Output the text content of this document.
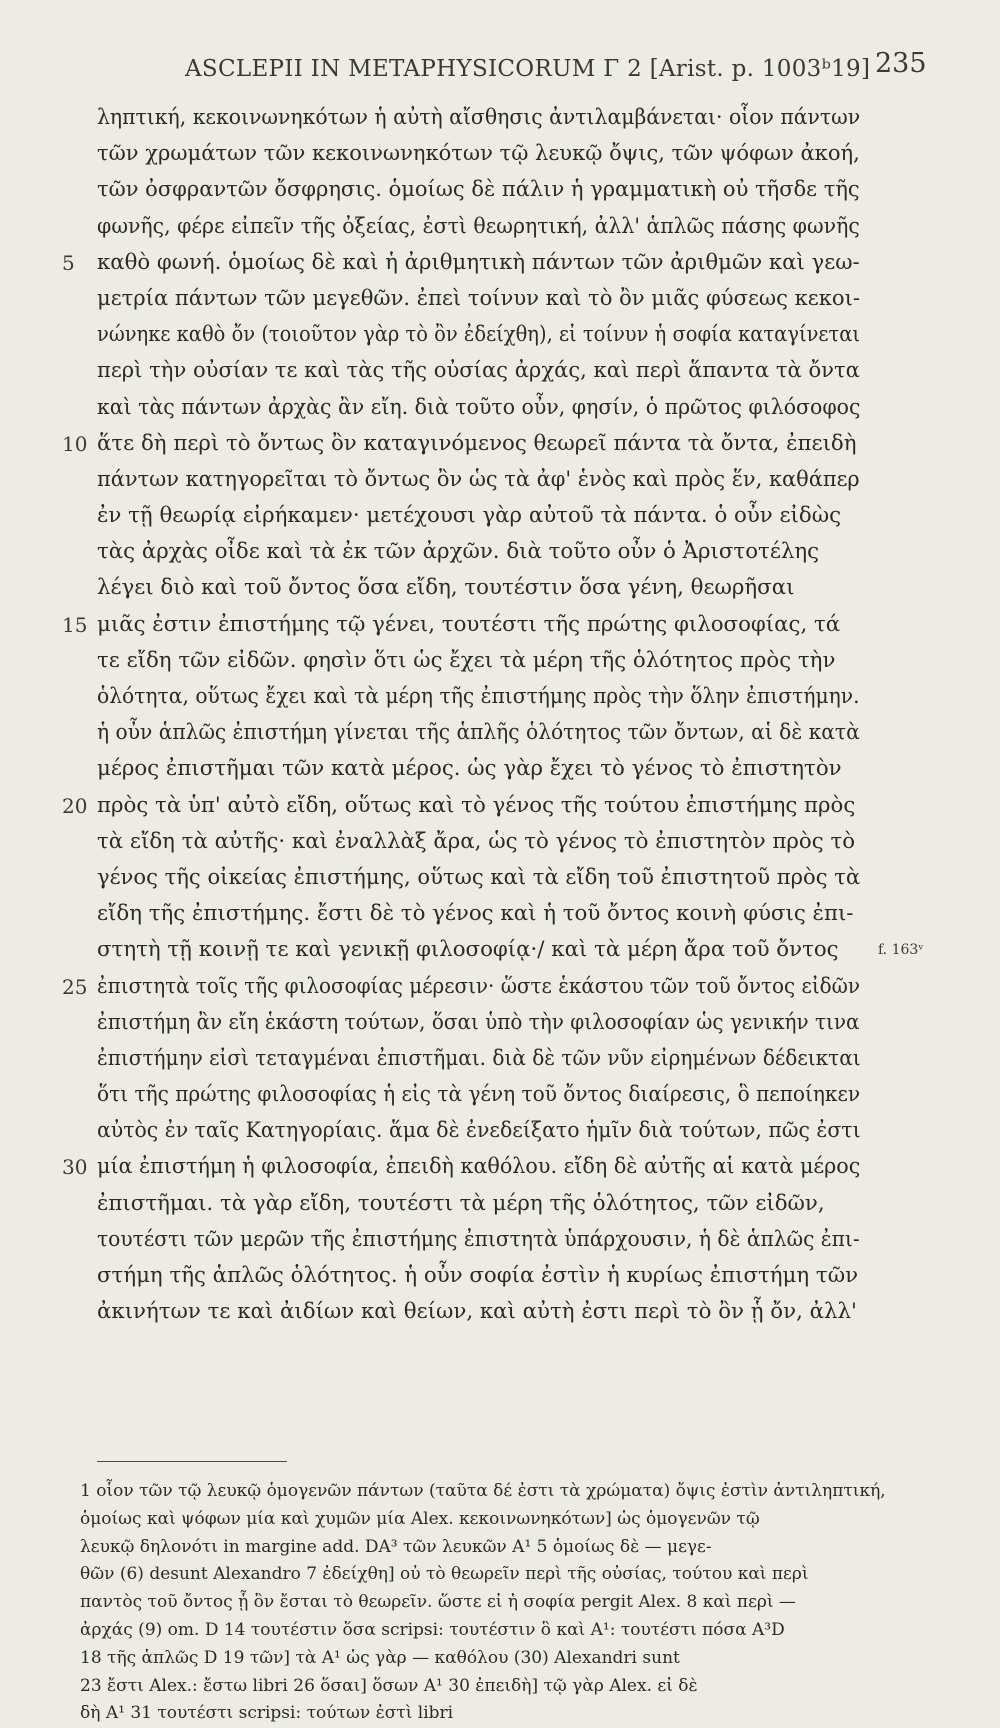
ASCLEPII IN METAPHYSICORUM Γ 2 [Arist. p. 1003ᵇ19] 235
ληπτική, κεκοινωνηκότων ἡ αὐτὴ αἴσθησις ἀντιλαμβάνεται· οἷον πάντων
τῶν χρωμάτων τῶν κεκοινωνηκότων τῷ λευκῷ ὄψις, τῶν ψόφων ἀκοή,
τῶν ὀσφραντῶν ὄσφρησις. ὁμοίως δὲ πάλιν ἡ γραμματικὴ οὐ τῆσδε τῆς
φωνῆς, φέρε εἰπεῖν τῆς ὀξείας, ἐστὶ θεωρητική, ἀλλ' ἁπλῶς πάσης φωνῆς
5	καθὸ φωνή. ὁμοίως δὲ καὶ ἡ ἀριθμητικὴ πάντων τῶν ἀριθμῶν καὶ γεω-
μετρία πάντων τῶν μεγεθῶν. ἐπεὶ τοίνυν καὶ τὸ ὂν μιᾶς φύσεως κεκοι-
νώνηκε καθὸ ὄν (τοιοῦτον γὰρ τὸ ὂν ἐδείχθη), εἰ τοίνυν ἡ σοφία καταγίνεται
περὶ τὴν οὐσίαν τε καὶ τὰς τῆς οὐσίας ἀρχάς, καὶ περὶ ἅπαντα τὰ ὄντα
καὶ τὰς πάντων ἀρχὰς ἂν εἴη. διὰ τοῦτο οὖν, φησίν, ὁ πρῶτος φιλόσοφος
10 ἅτε δὴ περὶ τὸ ὄντως ὂν καταγινόμενος θεωρεῖ πάντα τὰ ὄντα, ἐπειδὴ
πάντων κατηγορεῖται τὸ ὄντως ὂν ὡς τὰ ἀφ' ἑνὸς καὶ πρὸς ἕν, καθάπερ
ἐν τῇ θεωρίᾳ εἰρήκαμεν· μετέχουσι γὰρ αὐτοῦ τὰ πάντα. ὁ οὖν εἰδὼς
τὰς ἀρχὰς οἶδε καὶ τὰ ἐκ τῶν ἀρχῶν. διὰ τοῦτο οὖν ὁ Ἀριστοτέλης
λέγει διὸ καὶ τοῦ ὄντος ὅσα εἴδη, τουτέστιν ὅσα γένη, θεωρῆσαι
15 μιᾶς ἐστιν ἐπιστήμης τῷ γένει, τουτέστι τῆς πρώτης φιλοσοφίας, τά
τε εἴδη τῶν εἰδῶν. φησὶν ὅτι ὡς ἔχει τὰ μέρη τῆς ὁλότητος πρὸς τὴν
ὁλότητα, οὕτως ἔχει καὶ τὰ μέρη τῆς ἐπιστήμης πρὸς τὴν ὅλην ἐπιστήμην.
ἡ οὖν ἁπλῶς ἐπιστήμη γίνεται τῆς ἁπλῆς ὁλότητος τῶν ὄντων, αἱ δὲ κατὰ
μέρος ἐπιστῆμαι τῶν κατὰ μέρος. ὡς γὰρ ἔχει τὸ γένος τὸ ἐπιστητὸν
20 πρὸς τὰ ὑπ' αὐτὸ εἴδη, οὕτως καὶ τὸ γένος τῆς τούτου ἐπιστήμης πρὸς
τὰ εἴδη τὰ αὐτῆς· καὶ ἐναλλὰξ ἄρα, ὡς τὸ γένος τὸ ἐπιστητὸν πρὸς τὸ
γένος τῆς οἰκείας ἐπιστήμης, οὕτως καὶ τὰ εἴδη τοῦ ἐπιστητοῦ πρὸς τὰ
εἴδη τῆς ἐπιστήμης. ἔστι δὲ τὸ γένος καὶ ἡ τοῦ ὄντος κοινὴ φύσις ἐπι-
στητὴ τῇ κοινῇ τε καὶ γενικῇ φιλοσοφίᾳ·/ καὶ τὰ μέρη ἄρα τοῦ ὄντος	f. 163ᵛ
25 ἐπιστητὰ τοῖς τῆς φιλοσοφίας μέρεσιν· ὥστε ἑκάστου τῶν τοῦ ὄντος εἰδῶν
ἐπιστήμη ἂν εἴη ἑκάστη τούτων, ὅσαι ὑπὸ τὴν φιλοσοφίαν ὡς γενικήν τινα
ἐπιστήμην εἰσὶ τεταγμέναι ἐπιστῆμαι. διὰ δὲ τῶν νῦν εἰρημένων δέδεικται
ὅτι τῆς πρώτης φιλοσοφίας ἡ εἰς τὰ γένη τοῦ ὄντος διαίρεσις, ὃ πεποίηκεν
αὐτὸς ἐν ταῖς Κατηγορίαις. ἅμα δὲ ἐνεδείξατο ἡμῖν διὰ τούτων, πῶς ἐστι
30 μία ἐπιστήμη ἡ φιλοσοφία, ἐπειδὴ καθόλου. εἴδη δὲ αὐτῆς αἱ κατὰ μέρος
ἐπιστῆμαι. τὰ γὰρ εἴδη, τουτέστι τὰ μέρη τῆς ὁλότητος, τῶν εἰδῶν,
τουτέστι τῶν μερῶν τῆς ἐπιστήμης ἐπιστητὰ ὑπάρχουσιν, ἡ δὲ ἁπλῶς ἐπι-
στήμη τῆς ἁπλῶς ὁλότητος. ἡ οὖν σοφία ἐστὶν ἡ κυρίως ἐπιστήμη τῶν
ἀκινήτων τε καὶ ἀιδίων καὶ θείων, καὶ αὐτὴ ἐστι περὶ τὸ ὂν ᾗ ὄν, ἀλλ'
1 οἷον τῶν τῷ λευκῷ ὁμογενῶν πάντων (ταῦτα δέ ἐστι τὰ χρώματα) ὄψις ἐστὶν ἀντιληπτική,
ὁμοίως καὶ ψόφων μία καὶ χυμῶν μία Alex. κεκοινωνηκότων] ὡς ὁμογενῶν τῷ
λευκῷ δηλονότι in margine add. DA³ τῶν λευκῶν A¹ 5 ὁμοίως δὲ — μεγε-
θῶν (6) desunt Alexandro 7 ἐδείχθη] οὐ τὸ θεωρεῖν περὶ τῆς οὐσίας, τούτου καὶ περὶ
παντὸς τοῦ ὄντος ᾗ ὂν ἔσται τὸ θεωρεῖν. ὥστε εἰ ἡ σοφία pergit Alex. 8 καὶ περὶ —
ἀρχάς (9) om. D 14 τουτέστιν ὅσα scripsi: τουτέστιν ὃ καὶ A¹: τουτέστι πόσα A³D
18 τῆς ἁπλῶς D 19 τῶν] τὰ A¹ ὡς γὰρ — καθόλου (30) Alexandri sunt
23 ἔστι Alex.: ἔστω libri 26 ὅσαι] ὅσων A¹ 30 ἐπειδὴ] τῷ γὰρ Alex. εἰ δὲ
δὴ A¹ 31 τουτέστι scripsi: τούτων ἐστὶ libri
